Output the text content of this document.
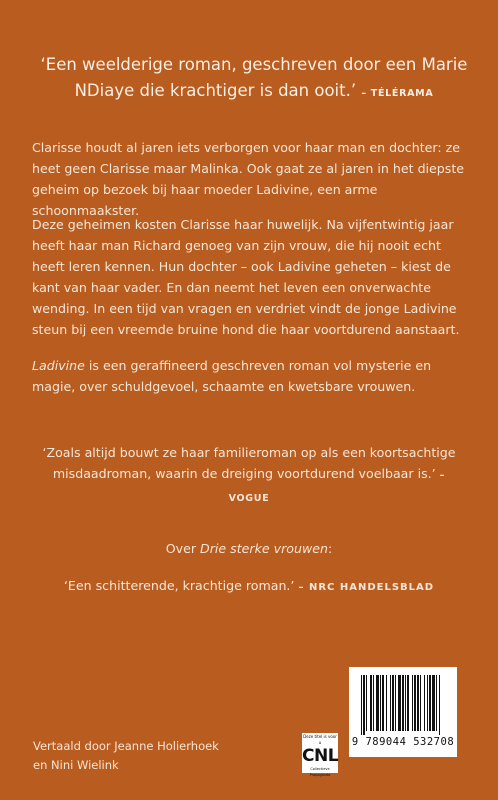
‘Een weelderige roman, geschreven door een Marie NDiaye die krachtiger is dan ooit.’ – TÉLÉRAMA

Clarisse houdt al jaren iets verborgen voor haar man en dochter: ze heet geen Clarisse maar Malinka. Ook gaat ze al jaren in het diepste geheim op bezoek bij haar moeder Ladivine, een arme schoonmaakster.

Deze geheimen kosten Clarisse haar huwelijk. Na vijfentwintig jaar heeft haar man Richard genoeg van zijn vrouw, die hij nooit echt heeft leren kennen. Hun dochter – ook Ladivine geheten – kiest de kant van haar vader. En dan neemt het leven een onverwachte wending. In een tijd van vragen en verdriet vindt de jonge Ladivine steun bij een vreemde bruine hond die haar voortdurend aanstaart.

Ladivine is een geraffineerd geschreven roman vol mysterie en magie, over schuldgevoel, schaamte en kwetsbare vrouwen.

‘Zoals altijd bouwt ze haar familieroman op als een koortsachtige misdaadroman, waarin de dreiging voortdurend voelbaar is.’ – VOGUE
Over Drie sterke vrouwen:
‘Een schitterende, krachtige roman.’ – NRC HANDELSBLAD
Vertaald door Jeanne Holierhoek
en Nini Wielink
Deze titel is voor u
CNL
Collectieve Propaganda
9 789044 532708
